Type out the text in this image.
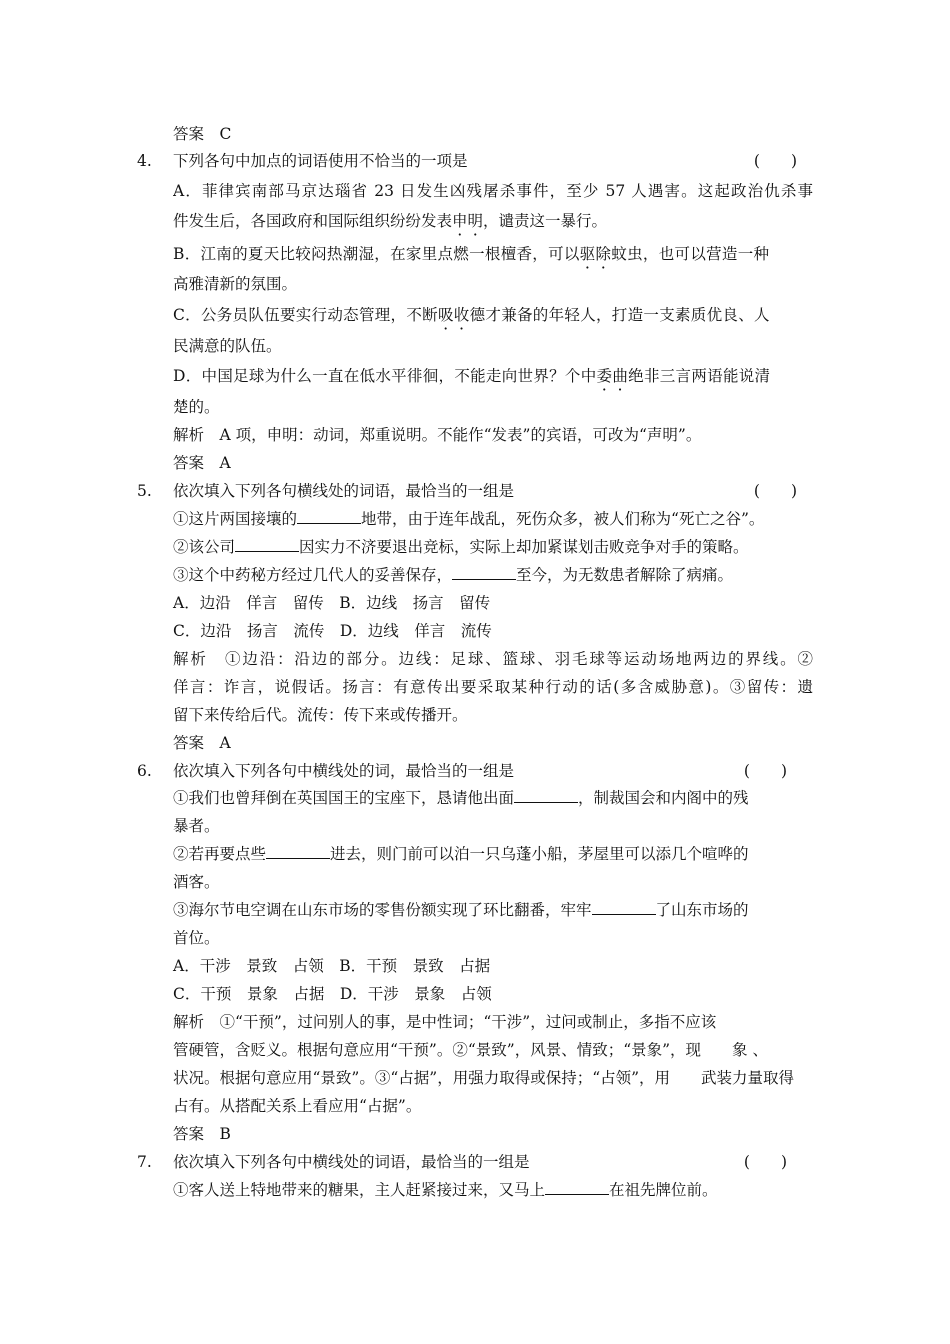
答案　C
4. 下列各句中加点的词语使用不恰当的一项是	(　　)
A．菲律宾南部马京达瑙省 23 日发生凶残屠杀事件，至少 57 人遇害。这起政治仇杀事
件发生后，各国政府和国际组织纷纷发表申明，谴责这一暴行。
B．江南的夏天比较闷热潮湿，在家里点燃一根檀香，可以驱除蚊虫，也可以营造一种
高雅清新的氛围。
C．公务员队伍要实行动态管理，不断吸收德才兼备的年轻人，打造一支素质优良、人
民满意的队伍。
D．中国足球为什么一直在低水平徘徊，不能走向世界？个中委曲绝非三言两语能说清
楚的。
解析　A 项，申明：动词，郑重说明。不能作“发表”的宾语，可改为“声明”。
答案　A
5. 依次填入下列各句横线处的词语，最恰当的一组是	(　　)
①这片两国接壤的	地带，由于连年战乱，死伤众多，被人们称为“死亡之谷”。
②该公司	因实力不济要退出竞标，实际上却加紧谋划击败竞争对手的策略。
③这个中药秘方经过几代人的妥善保存，	至今，为无数患者解除了病痛。
A．边沿　佯言　留传　B．边线　扬言　留传
C．边沿　扬言　流传　D．边线　佯言　流传
解析　①边沿：沿边的部分。边线：足球、篮球、羽毛球等运动场地两边的界线。②
佯言：诈言，说假话。扬言：有意传出要采取某种行动的话(多含威胁意)。③留传：遗
留下来传给后代。流传：传下来或传播开。
答案　A
6. 依次填入下列各句中横线处的词，最恰当的一组是	(　　)
①我们也曾拜倒在英国国王的宝座下，恳请他出面	，制裁国会和内阁中的残
暴者。
②若再要点些	进去，则门前可以泊一只乌蓬小船，茅屋里可以添几个喧哗的
酒客。
③海尔节电空调在山东市场的零售份额实现了环比翻番，牢牢	了山东市场的
首位。
A．干涉　景致　占领　B．干预　景致　占据
C．干预　景象　占据　D．干涉　景象　占领
解析　①“干预”，过问别人的事，是中性词；“干涉”，过问或制止，多指不应该
管硬管，含贬义。根据句意应用“干预”。②“景致”，风景、情致；“景象”，现　　象 、
状况。根据句意应用“景致”。③“占据”，用强力取得或保持；“占领”，用　　武装力量取得
占有。从搭配关系上看应用“占据”。
答案　B
7. 依次填入下列各句中横线处的词语，最恰当的一组是	(　　)
①客人送上特地带来的糖果，主人赶紧接过来，又马上	在祖先牌位前。
